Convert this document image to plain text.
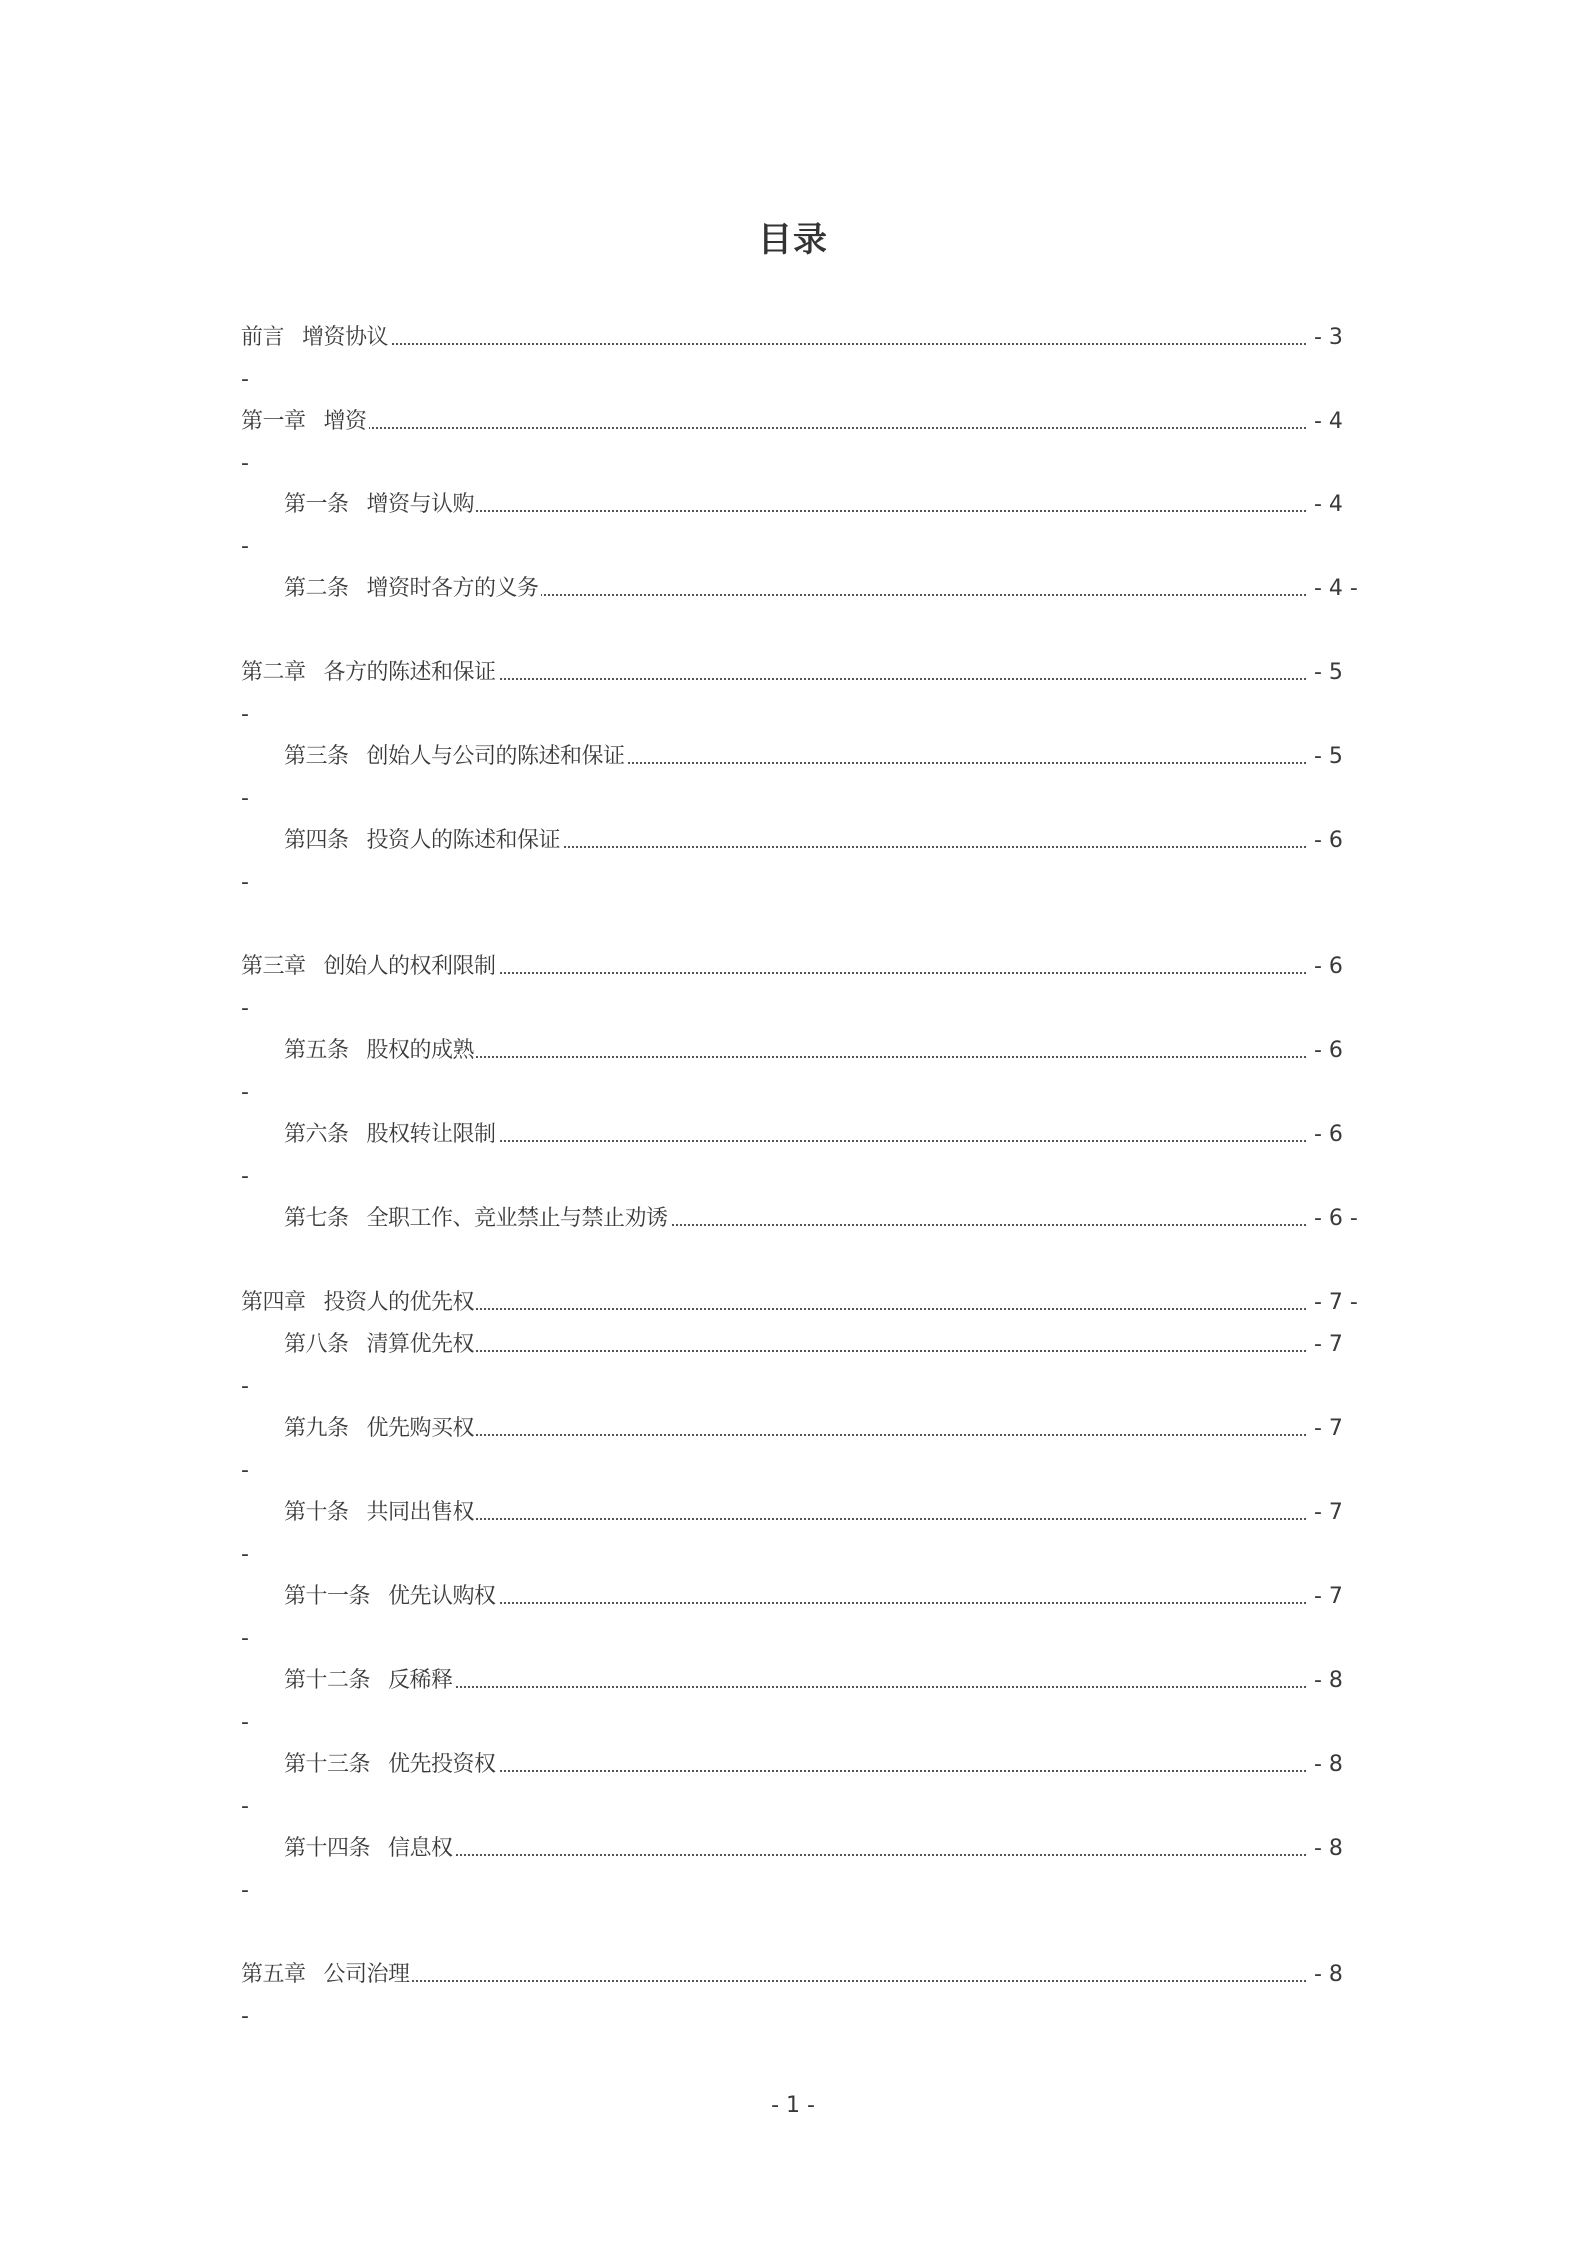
目录
前言 增资协议	- 3
-
第一章 增资	- 4
-
第一条 增资与认购	- 4
-
第二条 增资时各方的义务	- 4 -
第二章 各方的陈述和保证	- 5
-
第三条 创始人与公司的陈述和保证	- 5
-
第四条 投资人的陈述和保证	- 6
-
第三章 创始人的权利限制	- 6
-
第五条 股权的成熟	- 6
-
第六条 股权转让限制	- 6
-
第七条 全职工作、竞业禁止与禁止劝诱	- 6 -
第四章 投资人的优先权	- 7 -
第八条 清算优先权	- 7
-
第九条 优先购买权	- 7
-
第十条 共同出售权	- 7
-
第十一条 优先认购权	- 7
-
第十二条 反稀释	- 8
-
第十三条 优先投资权	- 8
-
第十四条 信息权	- 8
-
第五章 公司治理	- 8
-
- 1 -
